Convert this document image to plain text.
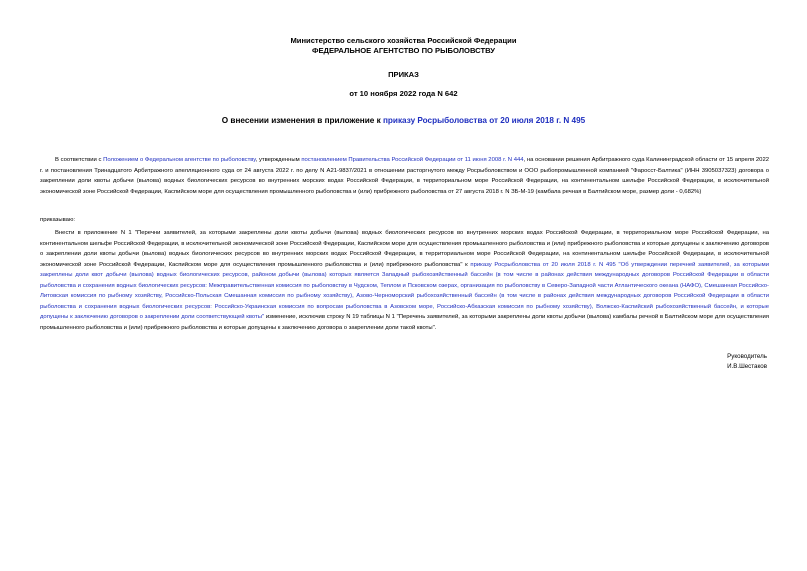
Министерство сельского хозяйства Российской Федерации
ФЕДЕРАЛЬНОЕ АГЕНТСТВО ПО РЫБОЛОВСТВУ
ПРИКАЗ
от 10 ноября 2022 года N 642
О внесении изменения в приложение к приказу Росрыболовства от 20 июля 2018 г. N 495
В соответствии с Положением о Федеральном агентстве по рыболовству, утвержденным постановлением Правительства Российской Федерации от 11 июня 2008 г. N 444, на основании решения Арбитражного суда Калининградской области от 15 апреля 2022 г. и постановления Тринадцатого Арбитражного апелляционного суда от 24 августа 2022 г. по делу N А21-9837/2021 в отношении расторгнутого между Росрыболовством и ООО рыбопромышленной компанией "Фаросст-Балтика" (ИНН 3905037323) договора о закреплении доли квоты добычи (вылова) водных биологических ресурсов во внутренних морских водах Российской Федерации, в территориальном море Российской Федерации, на континентальном шельфе Российской Федерации, в исключительной экономической зоне Российской Федерации, Каспийском море для осуществления промышленного рыболовства и (или) прибрежного рыболовства от 27 августа 2018 г. N ЗБ-М-19 (камбала речная в Балтийском море, размер доли - 0,682%)
приказываю:
Внести в приложение N 1 "Перечни заявителей, за которыми закреплены доли квоты добычи (вылова) водных биологических ресурсов во внутренних морских водах Российской Федерации, в территориальном море Российской Федерации, на континентальном шельфе Российской Федерации, в исключительной экономической зоне Российской Федерации, Каспийском море для осуществления промышленного рыболовства и (или) прибрежного рыболовства и которые допущены к заключению договоров о закреплении доли квоты добычи (вылова) водных биологических ресурсов во внутренних морских водах Российской Федерации, в территориальном море Российской Федерации, на континентальном шельфе Российской Федерации, в исключительной экономической зоне Российской Федерации, Каспийском море для осуществления промышленного рыболовства и (или) прибрежного рыболовства" к приказу Росрыболовства от 20 июля 2018 г. N 495 "Об утверждении перечней заявителей, за которыми закреплены доли квот добычи (вылова) водных биологических ресурсов, районом добычи (вылова) которых является Западный рыбохозяйственный бассейн (в том числе в районах действия международных договоров Российской Федерации в области рыболовства и сохранения водных биологических ресурсов: Межправительственная комиссия по рыболовству в Чудском, Теплом и Псковском озерах, организация по рыболовству в Северо-Западной части Атлантического океана (НАФО), Смешанная Российско-Литовская комиссия по рыбному хозяйству, Российско-Польская Смешанная комиссия по рыбному хозяйству), Азово-Черноморский рыбохозяйственный бассейн (в том числе в районах действия международных договоров Российской Федерации в области рыболовства и сохранения водных биологических ресурсов: Российско-Украинская комиссия по вопросам рыболовства в Азовском море, Российско-Абхазская комиссия по рыбному хозяйству), Волжско-Каспийский рыбохозяйственный бассейн, и которые допущены к заключению договоров о закреплении доли соответствующей квоты" изменение, исключив строку N 19 таблицы N 1 "Перечень заявителей, за которыми закреплены доли квоты добычи (вылова) камбалы речной в Балтийском море для осуществления промышленного рыболовства и (или) прибрежного рыболовства и которые допущены к заключению договора о закреплении доли такой квоты".
Руководитель
И.В.Шестаков
